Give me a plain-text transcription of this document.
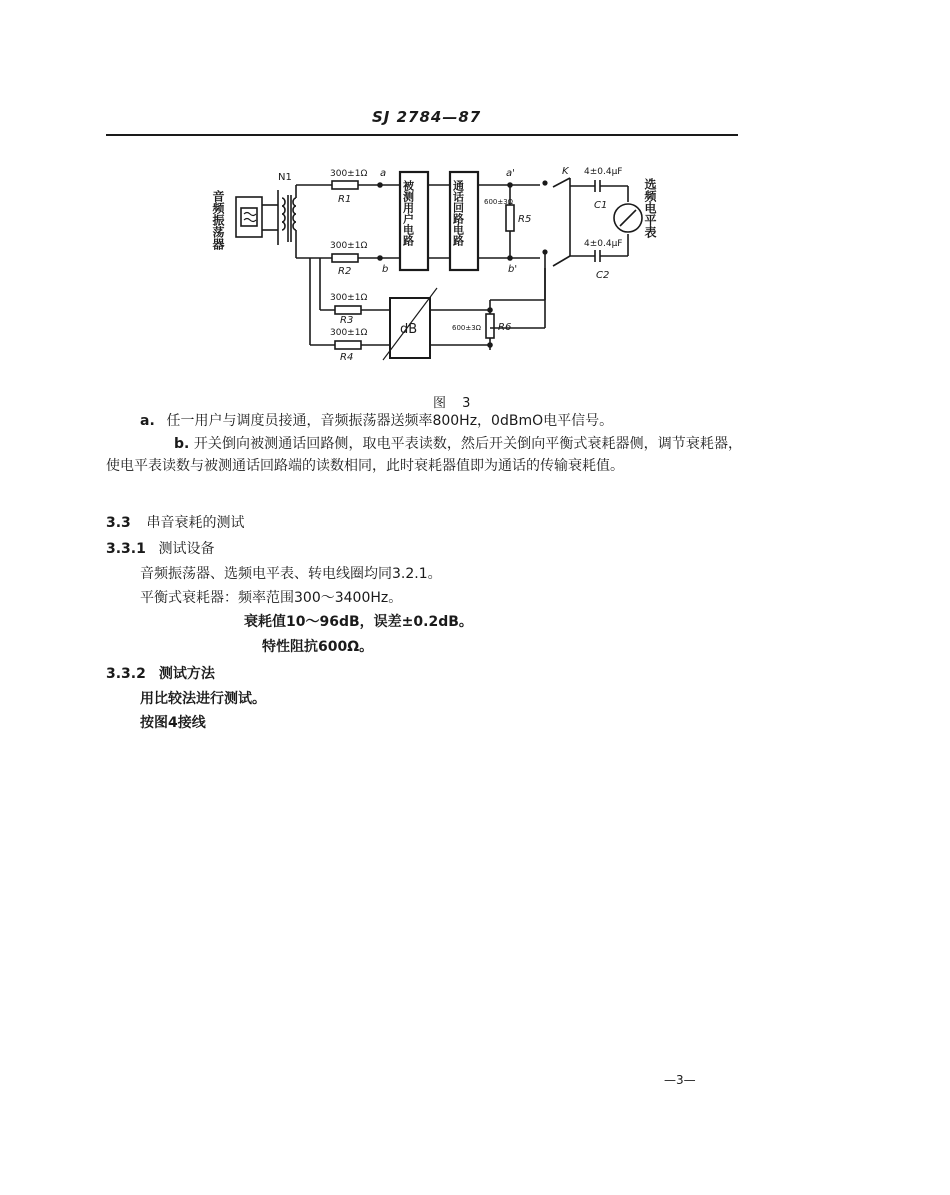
SJ 2784—87
音频振荡器
N1	300±1Ω
R1
a
300±1Ω
R2	b
被测用户电路	通话回路电路
a'
b'
600±3Ω
R5
K 4±0.4μF
C1
4±0.4μF
C2
选频电平表
300±1Ω
R3
300±1Ω
R4
dB	600±3Ω R6
图 3
a. 任一用户与调度员接通，音频振荡器送频率800Hz，0dBmO电平信号。
b. 开关倒向被测通话回路侧，取电平表读数，然后开关倒向平衡式衰耗器侧，调节衰耗器，使电平表读数与被测通话回路端的读数相同，此时衰耗器值即为通话的传输衰耗值。
3.3 串音衰耗的测试
3.3.1 测试设备
音频振荡器、选频电平表、转电线圈均同3.2.1。
平衡式衰耗器：频率范围300～3400Hz。
衰耗值10～96dB，误差±0.2dB。
特性阻抗600Ω。
3.3.2 测试方法
用比较法进行测试。
按图4接线
—3—
